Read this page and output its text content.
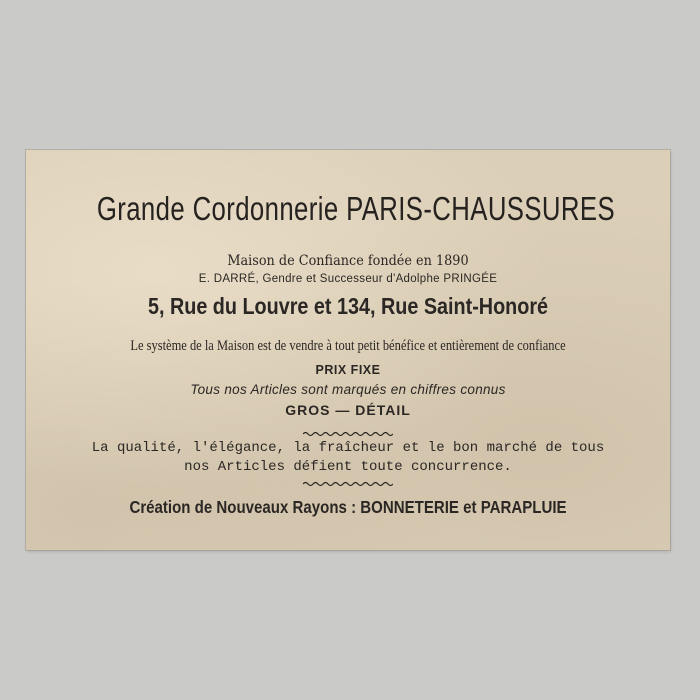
Grande Cordonnerie PARIS-CHAUSSURES
Maison de Confiance fondée en 1890
E. DARRÉ, Gendre et Successeur d'Adolphe PRINGÉE
5, Rue du Louvre et 134, Rue Saint-Honoré
Le système de la Maison est de vendre à tout petit bénéfice et entièrement de confiance
PRIX FIXE
Tous nos Articles sont marqués en chiffres connus
GROS — DÉTAIL
La qualité, l'élégance, la fraîcheur et le bon marché de tous
nos Articles défient toute concurrence.
Création de Nouveaux Rayons : BONNETERIE et PARAPLUIE
